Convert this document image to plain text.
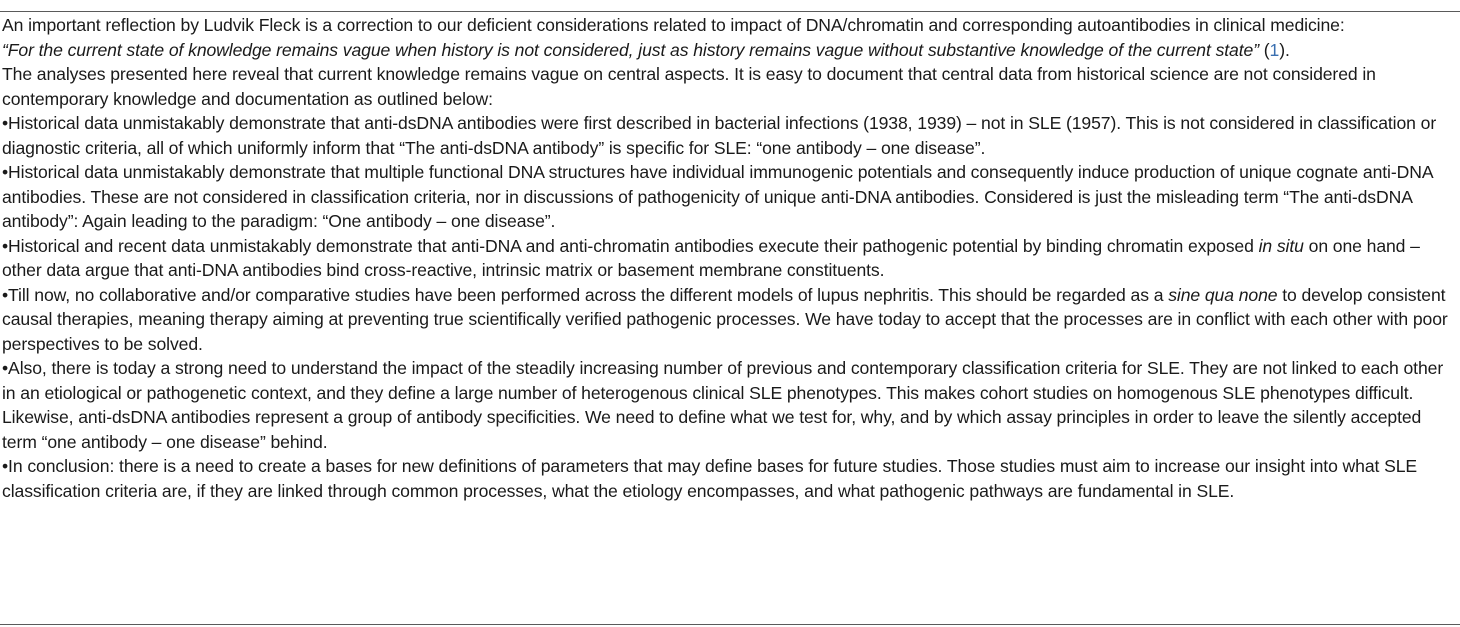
An important reflection by Ludvik Fleck is a correction to our deficient considerations related to impact of DNA/chromatin and corresponding autoantibodies in clinical medicine:

“For the current state of knowledge remains vague when history is not considered, just as history remains vague without substantive knowledge of the current state” (1).

The analyses presented here reveal that current knowledge remains vague on central aspects. It is easy to document that central data from historical science are not considered in contemporary knowledge and documentation as outlined below:

•Historical data unmistakably demonstrate that anti-dsDNA antibodies were first described in bacterial infections (1938, 1939) – not in SLE (1957). This is not considered in classification or diagnostic criteria, all of which uniformly inform that “The anti-dsDNA antibody” is specific for SLE: “one antibody – one disease”.

•Historical data unmistakably demonstrate that multiple functional DNA structures have individual immunogenic potentials and consequently induce production of unique cognate anti-DNA antibodies. These are not considered in classification criteria, nor in discussions of pathogenicity of unique anti-DNA antibodies. Considered is just the misleading term “The anti-dsDNA antibody”: Again leading to the paradigm: “One antibody – one disease”.

•Historical and recent data unmistakably demonstrate that anti-DNA and anti-chromatin antibodies execute their pathogenic potential by binding chromatin exposed in situ on one hand – other data argue that anti-DNA antibodies bind cross-reactive, intrinsic matrix or basement membrane constituents.

•Till now, no collaborative and/or comparative studies have been performed across the different models of lupus nephritis. This should be regarded as a sine qua none to develop consistent causal therapies, meaning therapy aiming at preventing true scientifically verified pathogenic processes. We have today to accept that the processes are in conflict with each other with poor perspectives to be solved.

•Also, there is today a strong need to understand the impact of the steadily increasing number of previous and contemporary classification criteria for SLE. They are not linked to each other in an etiological or pathogenetic context, and they define a large number of heterogenous clinical SLE phenotypes. This makes cohort studies on homogenous SLE phenotypes difficult. Likewise, anti-dsDNA antibodies represent a group of antibody specificities. We need to define what we test for, why, and by which assay principles in order to leave the silently accepted term “one antibody – one disease” behind.

•In conclusion: there is a need to create a bases for new definitions of parameters that may define bases for future studies. Those studies must aim to increase our insight into what SLE classification criteria are, if they are linked through common processes, what the etiology encompasses, and what pathogenic pathways are fundamental in SLE.
